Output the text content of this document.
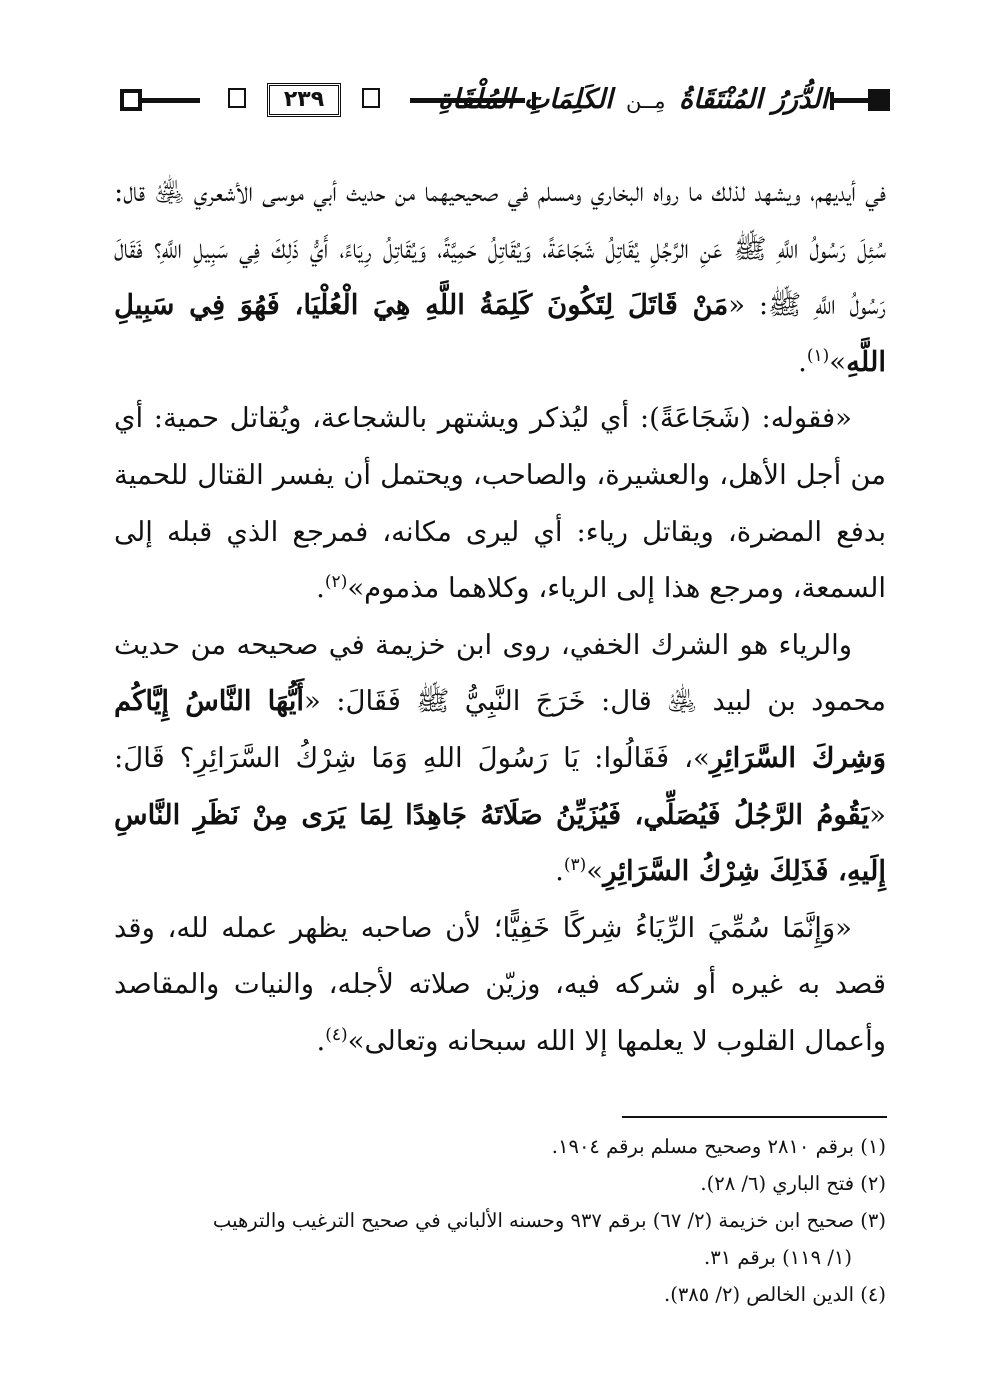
٢٣٩	الدُّرَرُ المُنْتَقَاةُ مِــن الكَلِمَاتِ المُلْقَاةِ

في أيديهم، ويشهد لذلك ما رواه البخاري ومسلم في صحيحيهما من حديث أبي موسى الأشعري ﵁ قال: سُئِلَ رَسُولُ اللَّهِ ﷺ عَنِ الرَّجُلِ يُقَاتِلُ شَجَاعَةً، وَيُقَاتِلُ حَمِيَّةً، وَيُقَاتِلُ رِيَاءً، أَيُّ ذَلِكَ فِي سَبِيلِ اللَّهِ؟ فَقَالَ رَسُولُ اللَّهِ ﷺ: «مَنْ قَاتَلَ لِتَكُونَ كَلِمَةُ اللَّهِ هِيَ الْعُلْيَا، فَهُوَ فِي سَبِيلِ اللَّهِ»$^{(١)}$.

«فقوله: (شَجَاعَةً): أي ليُذكر ويشتهر بالشجاعة، ويُقاتل حمية: أي من أجل الأهل، والعشيرة، والصاحب، ويحتمل أن يفسر القتال للحمية بدفع المضرة، ويقاتل رياء: أي ليرى مكانه، فمرجع الذي قبله إلى السمعة، ومرجع هذا إلى الرياء، وكلاهما مذموم»$^{(٢)}$.

والرياء هو الشرك الخفي، روى ابن خزيمة في صحيحه من حديث محمود بن لبيد ﵁ قال: خَرَجَ النَّبِيُّ ﷺ فَقَالَ: «أَيُّهَا النَّاسُ إِيَّاكُم وَشِركَ السَّرَائِرِ»، فَقَالُوا: يَا رَسُولَ اللهِ وَمَا شِرْكُ السَّرَائِرِ؟ قَالَ: «يَقُومُ الرَّجُلُ فَيُصَلِّي، فَيُزَيِّنُ صَلَاتَهُ جَاهِدًا لِمَا يَرَى مِنْ نَظَرِ النَّاسِ إِلَيهِ، فَذَلِكَ شِرْكُ السَّرَائِرِ»$^{(٣)}$.

«وَإِنَّمَا سُمِّيَ الرِّيَاءُ شِركًا خَفِيًّا؛ لأن صاحبه يظهر عمله لله، وقد قصد به غيره أو شركه فيه، وزيّن صلاته لأجله، والنيات والمقاصد وأعمال القلوب لا يعلمها إلا الله سبحانه وتعالى»$^{(٤)}$.

(١) برقم ٢٨١٠ وصحيح مسلم برقم ١٩٠٤.

(٢) فتح الباري (٦/ ٢٨).

(٣) صحيح ابن خزيمة (٢/ ٦٧) برقم ٩٣٧ وحسنه الألباني في صحيح الترغيب والترهيب

(١/ ١١٩) برقم ٣١.

(٤) الدين الخالص (٢/ ٣٨٥).
